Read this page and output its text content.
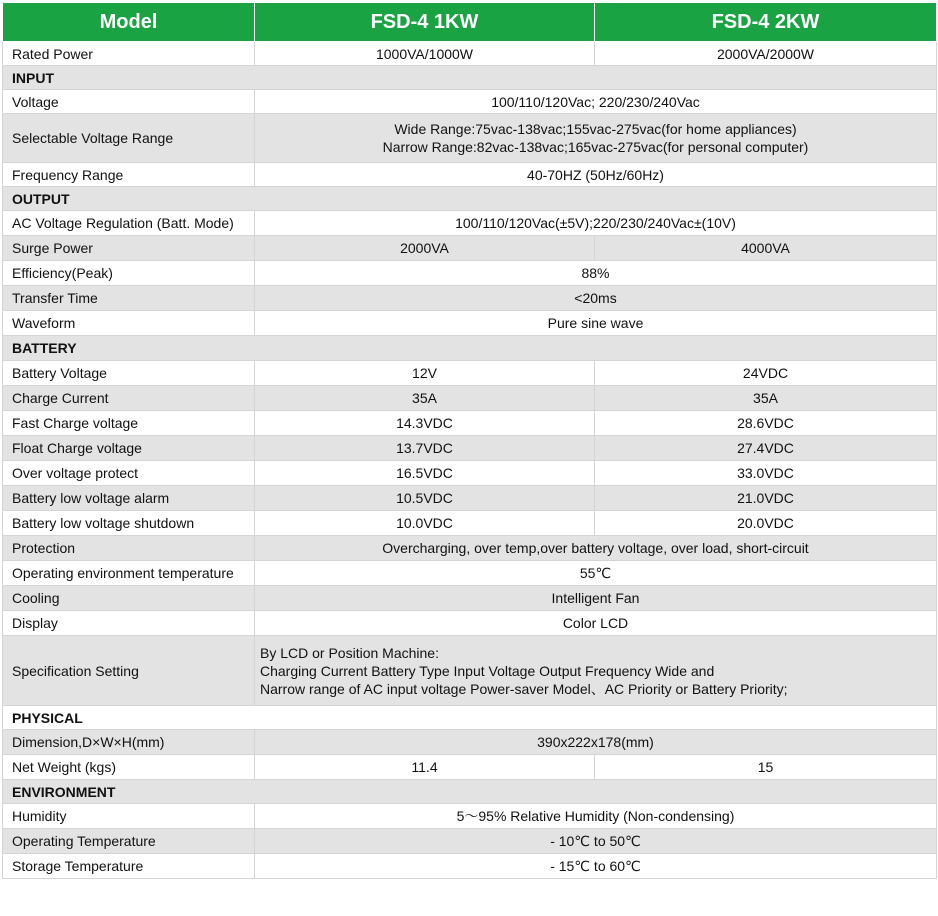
Model	FSD-4 1KW	FSD-4 2KW
Rated Power	1000VA/1000W	2000VA/2000W
INPUT		
Voltage	100/110/120Vac; 220/230/240Vac	
Selectable Voltage Range	Wide Range:75vac-138vac;155vac-275vac(for home appliances)
Narrow Range:82vac-138vac;165vac-275vac(for personal computer)	

Frequency Range	40-70HZ (50Hz/60Hz)	
OUTPUT		
AC Voltage Regulation (Batt. Mode)	100/110/120Vac(±5V);220/230/240Vac±(10V)	
Surge Power	2000VA	4000VA
Efficiency(Peak)	88%	
Transfer Time	<20ms	
Waveform	Pure sine wave	
BATTERY		
Battery Voltage	12V	24VDC
Charge Current	35A	35A
Fast Charge voltage	14.3VDC	28.6VDC
Float Charge voltage	13.7VDC	27.4VDC
Over voltage protect	16.5VDC	33.0VDC
Battery low voltage alarm	10.5VDC	21.0VDC
Battery low voltage shutdown	10.0VDC	20.0VDC
Protection	Overcharging, over temp,over battery voltage, over load, short-circuit	
Operating environment temperature	55℃	
Cooling	Intelligent Fan	
Display	Color LCD	
Specification Setting	By LCD or Position Machine:
Charging Current Battery Type Input Voltage Output Frequency Wide and
Narrow range of AC input voltage Power-saver Model、AC Priority or Battery Priority;	

PHYSICAL		
Dimension,D×W×H(mm)	390x222x178(mm)	
Net Weight (kgs)	11.4	15
ENVIRONMENT		
Humidity	5～95% Relative Humidity (Non-condensing)	
Operating Temperature	- 10℃ to 50℃	
Storage Temperature	- 15℃ to 60℃	
